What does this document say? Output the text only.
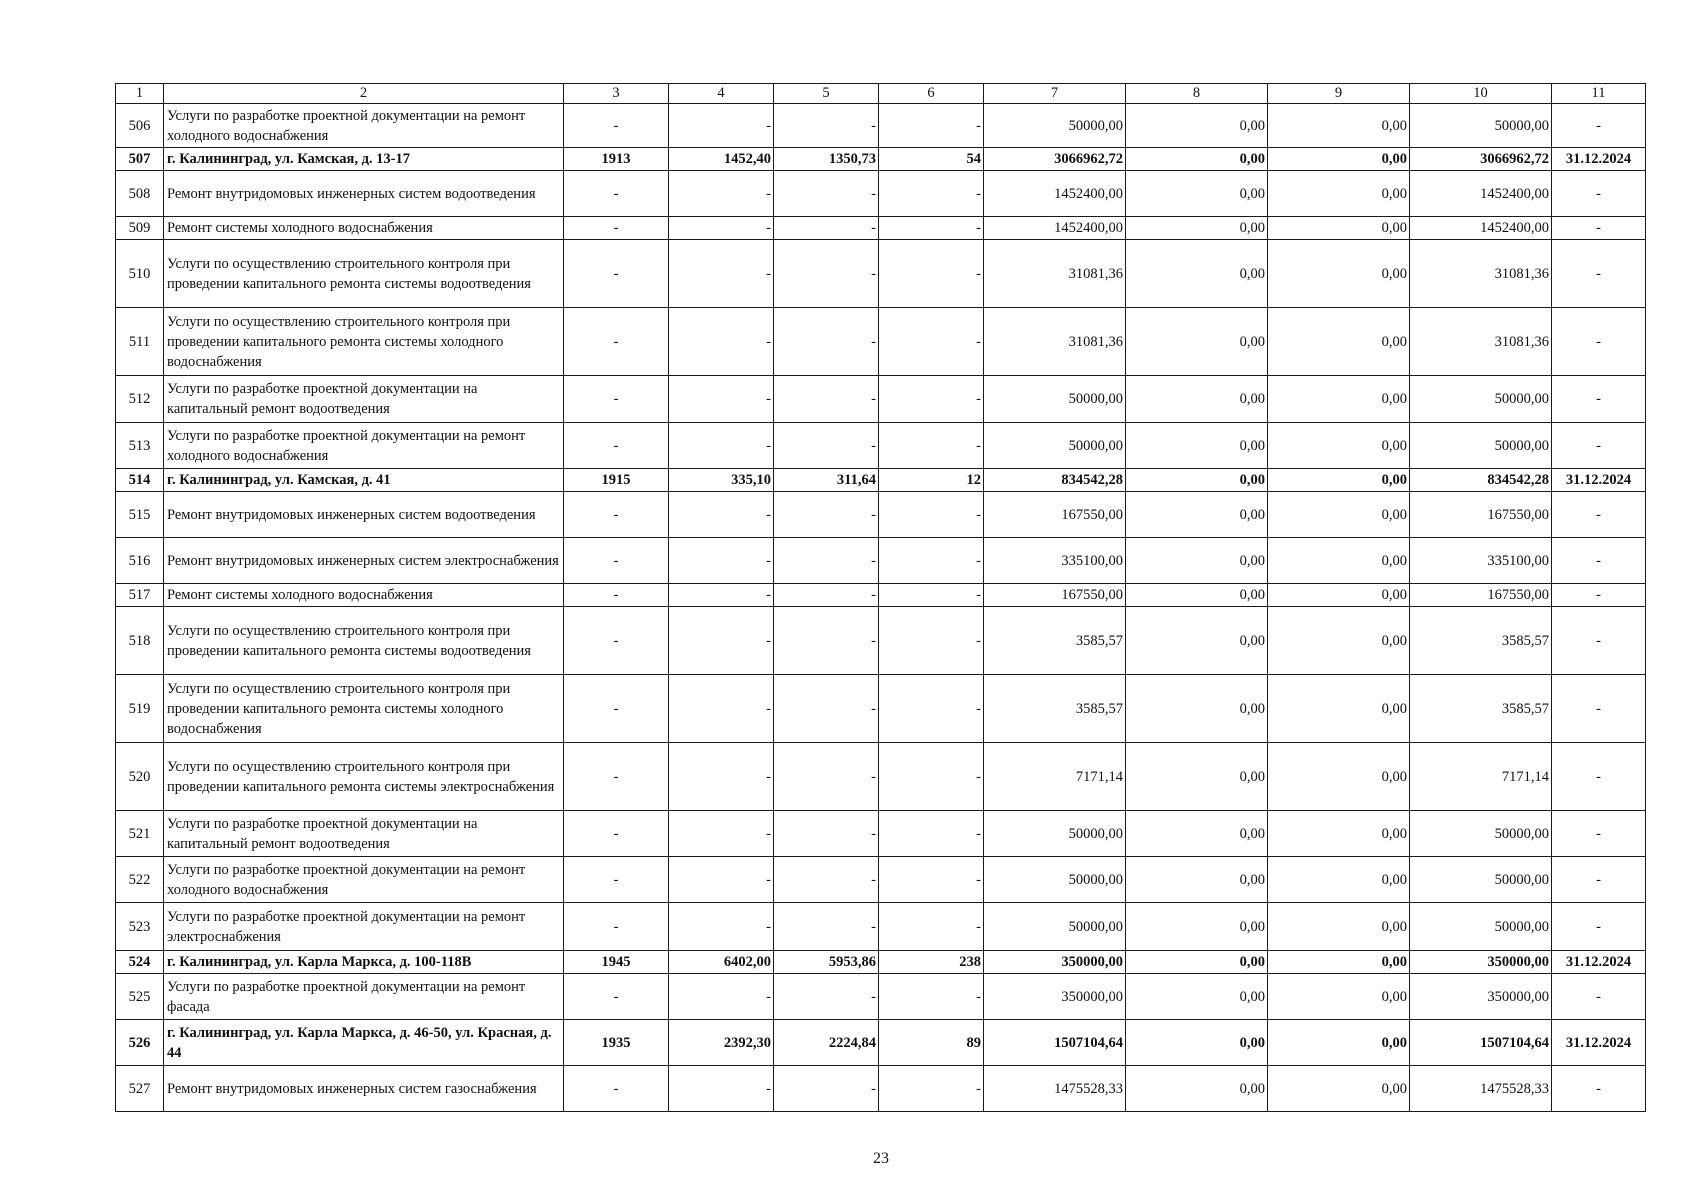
1	2	3	4	5	6	7	8	9	10	11
506	Услуги по разработке проектной документации на ремонт холодного водоснабжения	-	-	-	-	50000,00	0,00	0,00	50000,00	-
507	г. Калининград, ул. Камская, д. 13-17	1913	1452,40	1350,73	54	3066962,72	0,00	0,00	3066962,72	31.12.2024
508	Ремонт внутридомовых инженерных систем водоотведения	-	-	-	-	1452400,00	0,00	0,00	1452400,00	-
509	Ремонт системы холодного водоснабжения	-	-	-	-	1452400,00	0,00	0,00	1452400,00	-
510	Услуги по осуществлению строительного контроля при проведении капитального ремонта системы водоотведения	-	-	-	-	31081,36	0,00	0,00	31081,36	-
511	Услуги по осуществлению строительного контроля при проведении капитального ремонта системы холодного водоснабжения	-	-	-	-	31081,36	0,00	0,00	31081,36	-
512	Услуги по разработке проектной документации на капитальный ремонт водоотведения	-	-	-	-	50000,00	0,00	0,00	50000,00	-
513	Услуги по разработке проектной документации на ремонт холодного водоснабжения	-	-	-	-	50000,00	0,00	0,00	50000,00	-
514	г. Калининград, ул. Камская, д. 41	1915	335,10	311,64	12	834542,28	0,00	0,00	834542,28	31.12.2024
515	Ремонт внутридомовых инженерных систем водоотведения	-	-	-	-	167550,00	0,00	0,00	167550,00	-
516	Ремонт внутридомовых инженерных систем электроснабжения	-	-	-	-	335100,00	0,00	0,00	335100,00	-
517	Ремонт системы холодного водоснабжения	-	-	-	-	167550,00	0,00	0,00	167550,00	-
518	Услуги по осуществлению строительного контроля при проведении капитального ремонта системы водоотведения	-	-	-	-	3585,57	0,00	0,00	3585,57	-
519	Услуги по осуществлению строительного контроля при проведении капитального ремонта системы холодного водоснабжения	-	-	-	-	3585,57	0,00	0,00	3585,57	-
520	Услуги по осуществлению строительного контроля при проведении капитального ремонта системы электроснабжения	-	-	-	-	7171,14	0,00	0,00	7171,14	-
521	Услуги по разработке проектной документации на капитальный ремонт водоотведения	-	-	-	-	50000,00	0,00	0,00	50000,00	-
522	Услуги по разработке проектной документации на ремонт холодного водоснабжения	-	-	-	-	50000,00	0,00	0,00	50000,00	-
523	Услуги по разработке проектной документации на ремонт электроснабжения	-	-	-	-	50000,00	0,00	0,00	50000,00	-
524	г. Калининград, ул. Карла Маркса, д. 100-118В	1945	6402,00	5953,86	238	350000,00	0,00	0,00	350000,00	31.12.2024
525	Услуги по разработке проектной документации на ремонт фасада	-	-	-	-	350000,00	0,00	0,00	350000,00	-
526	г. Калининград, ул. Карла Маркса, д. 46-50, ул. Красная, д. 44	1935	2392,30	2224,84	89	1507104,64	0,00	0,00	1507104,64	31.12.2024
527	Ремонт внутридомовых инженерных систем газоснабжения	-	-	-	-	1475528,33	0,00	0,00	1475528,33	-
23
